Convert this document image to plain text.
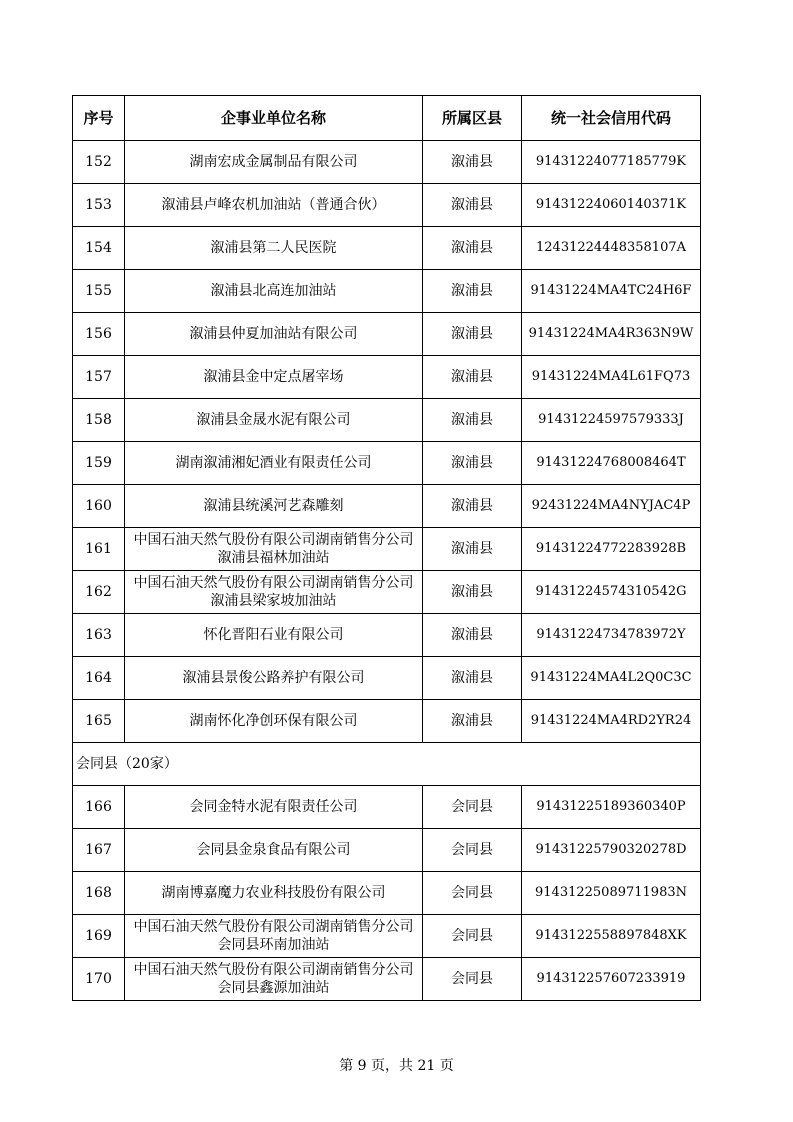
序号	企事业单位名称	所属区县	统一社会信用代码
152	湖南宏成金属制品有限公司	溆浦县	91431224077185779K
153	溆浦县卢峰农机加油站（普通合伙）	溆浦县	91431224060140371K
154	溆浦县第二人民医院	溆浦县	12431224448358107A
155	溆浦县北高连加油站	溆浦县	91431224MA4TC24H6F
156	溆浦县仲夏加油站有限公司	溆浦县	91431224MA4R363N9W
157	溆浦县金中定点屠宰场	溆浦县	91431224MA4L61FQ73
158	溆浦县金晟水泥有限公司	溆浦县	91431224597579333J
159	湖南溆浦湘妃酒业有限责任公司	溆浦县	91431224768008464T
160	溆浦县统溪河艺森雕刻	溆浦县	92431224MA4NYJAC4P
161	中国石油天然气股份有限公司湖南销售分公司溆浦县福林加油站	溆浦县	91431224772283928B
162	中国石油天然气股份有限公司湖南销售分公司溆浦县梁家坡加油站	溆浦县	91431224574310542G
163	怀化晋阳石业有限公司	溆浦县	91431224734783972Y
164	溆浦县景俊公路养护有限公司	溆浦县	91431224MA4L2Q0C3C
165	湖南怀化净创环保有限公司	溆浦县	91431224MA4RD2YR24
会同县（20家）			
166	会同金特水泥有限责任公司	会同县	91431225189360340P
167	会同县金泉食品有限公司	会同县	91431225790320278D
168	湖南博嘉魔力农业科技股份有限公司	会同县	91431225089711983N
169	中国石油天然气股份有限公司湖南销售分公司会同县环南加油站	会同县	9143122558897848XK
170	中国石油天然气股份有限公司湖南销售分公司会同县鑫源加油站	会同县	914312257607233919
第 9 页，共 21 页
